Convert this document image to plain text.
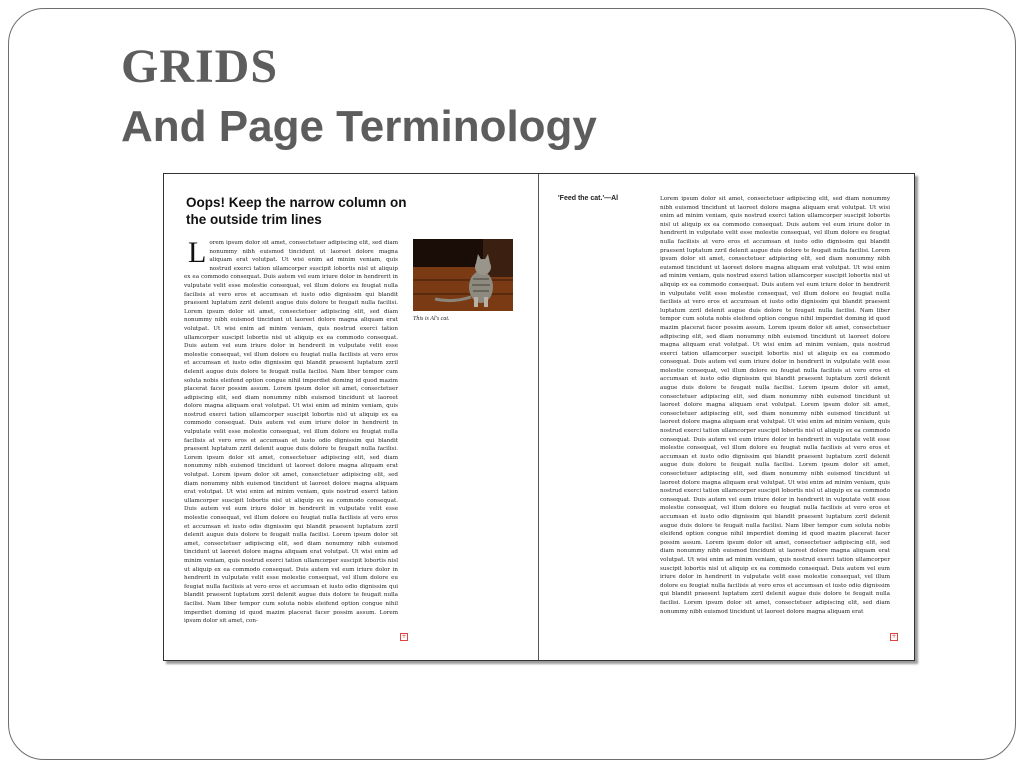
GRIDS
And Page Terminology
Oops! Keep the narrow column on the outside trim lines
Lorem ipsum dolor sit amet, consectetuer adipiscing elit, sed diam nonummy nibh euismod tincidunt ut laoreet dolore magna aliquam erat volutpat. Ut wisi enim ad minim veniam, quis nostrud exerci tation ullamcorper suscipit lobortis nisl ut aliquip ex ea commodo consequat. Duis autem vel eum iriure dolor in hendrerit in vulputate velit esse molestie consequat, vel illum dolore eu feugiat nulla facilisis at vero eros et accumsan et iusto odio dignissim qui blandit praesent luptatum zzril delenit augue duis dolore te feugait nulla facilisi. Lorem ipsum dolor sit amet, consectetuer adipiscing elit, sed diam nonummy nibh euismod tincidunt ut laoreet dolore magna aliquam erat volutpat. Ut wisi enim ad minim veniam, quis nostrud exerci tation ullamcorper suscipit lobortis nisl ut aliquip ex ea commodo consequat. Duis autem vel eum iriure dolor in hendrerit in vulputate velit esse molestie consequat, vel illum dolore eu feugiat nulla facilisis at vero eros et accumsan et iusto odio dignissim qui blandit praesent luptatum zzril delenit augue duis dolore te feugait nulla facilisi. Nam liber tempor cum soluta nobis eleifend option congue nihil imperdiet doming id quod mazim placerat facer possim assum. Lorem ipsum dolor sit amet, consectetuer adipiscing elit, sed diam nonummy nibh euismod tincidunt ut laoreet dolore magna aliquam erat volutpat. Ut wisi enim ad minim veniam, quis nostrud exerci tation ullamcorper suscipit lobortis nisl ut aliquip ex ea commodo consequat. Duis autem vel eum iriure dolor in hendrerit in vulputate velit esse molestie consequat, vel illum dolore eu feugiat nulla facilisis at vero eros et accumsan et iusto odio dignissim qui blandit praesent luptatum zzril delenit augue duis dolore te feugait nulla facilisi. Lorem ipsum dolor sit amet, consectetuer adipiscing elit, sed diam nonummy nibh euismod tincidunt ut laoreet dolore magna aliquam erat volutpat. Lorem ipsum dolor sit amet, consectetuer adipiscing elit, sed diam nonummy nibh euismod tincidunt ut laoreet dolore magna aliquam erat volutpat. Ut wisi enim ad minim veniam, quis nostrud exerci tation ullamcorper suscipit lobortis nisl ut aliquip ex ea commodo consequat. Duis autem vel eum iriure dolor in hendrerit in vulputate velit esse molestie consequat, vel illum dolore eu feugiat nulla facilisis at vero eros et accumsan et iusto odio dignissim qui blandit praesent luptatum zzril delenit augue duis dolore te feugait nulla facilisi. Lorem ipsum dolor sit amet, consectetuer adipiscing elit, sed diam nonummy nibh euismod tincidunt ut laoreet dolore magna aliquam erat volutpat. Ut wisi enim ad minim veniam, quis nostrud exerci tation ullamcorper suscipit lobortis nisl ut aliquip ex ea commodo consequat. Duis autem vel eum iriure dolor in hendrerit in vulputate velit esse molestie consequat, vel illum dolore eu feugiat nulla facilisis at vero eros et accumsan et iusto odio dignissim qui blandit praesent luptatum zzril delenit augue duis dolore te feugait nulla facilisi. Nam liber tempor cum soluta nobis eleifend option congue nihil imperdiet doming id quod mazim placerat facer possim assum. Lorem ipsum dolor sit amet, con-
This is Al's cat.
'Feed the cat.'—Al	Lorem ipsum dolor sit amet, consectetuer adipiscing elit, sed diam nonummy nibh euismod tincidunt ut laoreet dolore magna aliquam erat volutpat. Ut wisi enim ad minim veniam, quis nostrud exerci tation ullamcorper suscipit lobortis nisl ut aliquip ex ea commodo consequat. Duis autem vel eum iriure dolor in hendrerit in vulputate velit esse molestie consequat, vel illum dolore eu feugiat nulla facilisis at vero eros et accumsan et iusto odio dignissim qui blandit praesent luptatum zzril delenit augue duis dolore te feugait nulla facilisi. Lorem ipsum dolor sit amet, consectetuer adipiscing elit, sed diam nonummy nibh euismod tincidunt ut laoreet dolore magna aliquam erat volutpat. Ut wisi enim ad minim veniam, quis nostrud exerci tation ullamcorper suscipit lobortis nisl ut aliquip ex ea commodo consequat. Duis autem vel eum iriure dolor in hendrerit in vulputate velit esse molestie consequat, vel illum dolore eu feugiat nulla facilisis at vero eros et accumsan et iusto odio dignissim qui blandit praesent luptatum zzril delenit augue duis dolore te feugait nulla facilisi. Nam liber tempor cum soluta nobis eleifend option congue nihil imperdiet doming id quod mazim placerat facer possim assum. Lorem ipsum dolor sit amet, consectetuer adipiscing elit, sed diam nonummy nibh euismod tincidunt ut laoreet dolore magna aliquam erat volutpat. Ut wisi enim ad minim veniam, quis nostrud exerci tation ullamcorper suscipit lobortis nisl ut aliquip ex ea commodo consequat. Duis autem vel eum iriure dolor in hendrerit in vulputate velit esse molestie consequat, vel illum dolore eu feugiat nulla facilisis at vero eros et accumsan et iusto odio dignissim qui blandit praesent luptatum zzril delenit augue duis dolore te feugait nulla facilisi. Lorem ipsum dolor sit amet, consectetuer adipiscing elit, sed diam nonummy nibh euismod tincidunt ut laoreet dolore magna aliquam erat volutpat. Lorem ipsum dolor sit amet, consectetuer adipiscing elit, sed diam nonummy nibh euismod tincidunt ut laoreet dolore magna aliquam erat volutpat. Ut wisi enim ad minim veniam, quis nostrud exerci tation ullamcorper suscipit lobortis nisl ut aliquip ex ea commodo consequat. Duis autem vel eum iriure dolor in hendrerit in vulputate velit esse molestie consequat, vel illum dolore eu feugiat nulla facilisis at vero eros et accumsan et iusto odio dignissim qui blandit praesent luptatum zzril delenit augue duis dolore te feugait nulla facilisi. Lorem ipsum dolor sit amet, consectetuer adipiscing elit, sed diam nonummy nibh euismod tincidunt ut laoreet dolore magna aliquam erat volutpat. Ut wisi enim ad minim veniam, quis nostrud exerci tation ullamcorper suscipit lobortis nisl ut aliquip ex ea commodo consequat. Duis autem vel eum iriure dolor in hendrerit in vulputate velit esse molestie consequat, vel illum dolore eu feugiat nulla facilisis at vero eros et accumsan et iusto odio dignissim qui blandit praesent luptatum zzril delenit augue duis dolore te feugait nulla facilisi. Nam liber tempor cum soluta nobis eleifend option congue nihil imperdiet doming id quod mazim placerat facer possim assum. Lorem ipsum dolor sit amet, consectetuer adipiscing elit, sed diam nonummy nibh euismod tincidunt ut laoreet dolore magna aliquam erat volutpat. Ut wisi enim ad minim veniam, quis nostrud exerci tation ullamcorper suscipit lobortis nisl ut aliquip ex ea commodo consequat. Duis autem vel eum iriure dolor in hendrerit in vulputate velit esse molestie consequat, vel illum dolore eu feugiat nulla facilisis at vero eros et accumsan et iusto odio dignissim qui blandit praesent luptatum zzril delenit augue duis dolore te feugait nulla facilisi. Lorem ipsum dolor sit amet, consectetuer adipiscing elit, sed diam nonummy nibh euismod tincidunt ut laoreet dolore magna aliquam erat
+	+
